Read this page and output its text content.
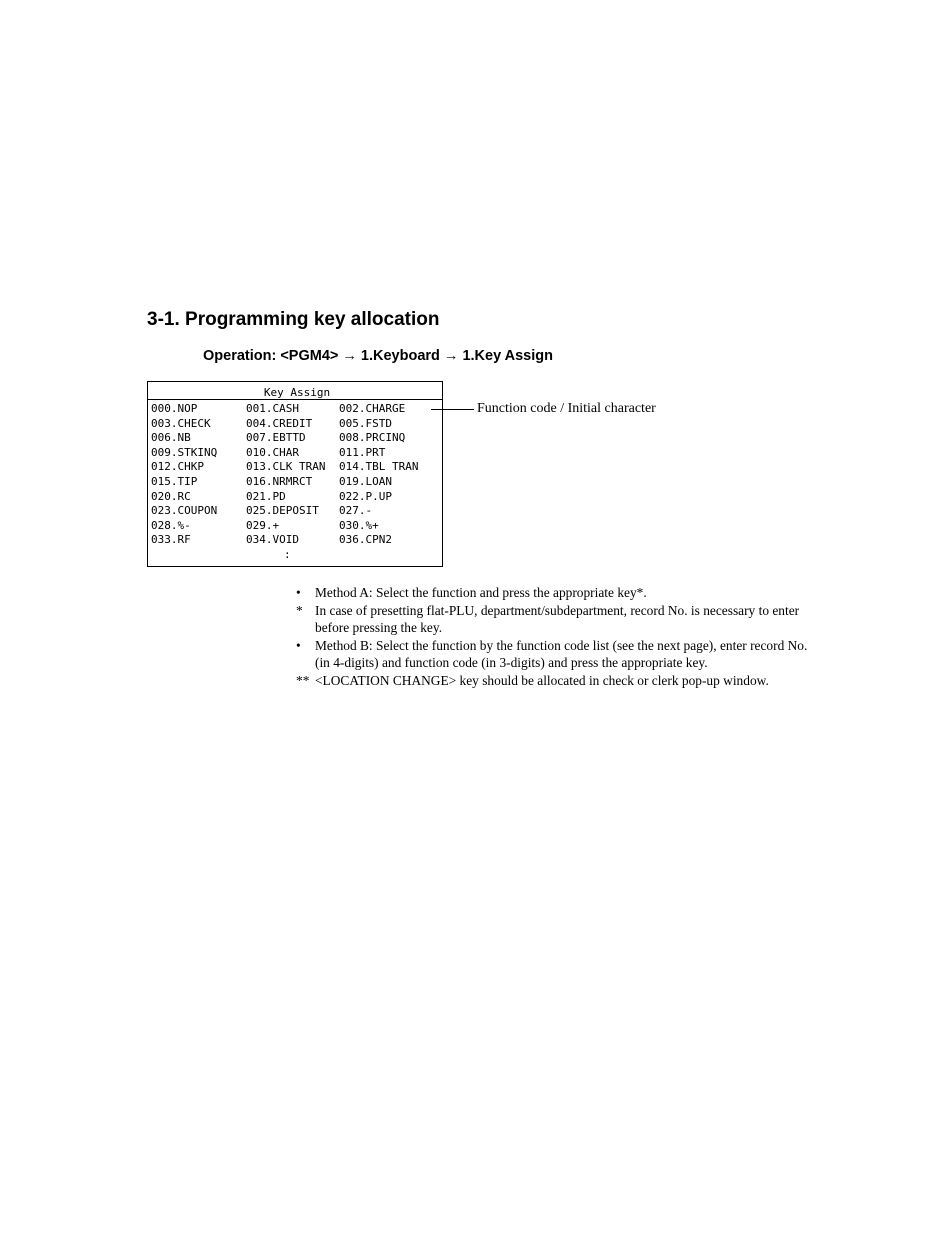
3-1. Programming key allocation
Operation: <PGM4> → 1.Keyboard → 1.Key Assign
Key Assign
000.NOP	001.CASH	002.CHARGE
003.CHECK	004.CREDIT	005.FSTD
006.NB	007.EBTTD	008.PRCINQ
009.STKINQ	010.CHAR	011.PRT
012.CHKP	013.CLK TRAN	014.TBL TRAN
015.TIP	016.NRMRCT	019.LOAN
020.RC	021.PD	022.P.UP
023.COUPON	025.DEPOSIT	027.-
028.%-	029.+	030.%+
033.RF	034.VOID	036.CPN2
:
Function code / Initial character
•	Method A: Select the function and press the appropriate key*.
* In case of presetting flat-PLU, department/subdepartment, record No. is necessary to enter before pressing the key.
•	Method B: Select the function by the function code list (see the next page), enter record No. (in 4-digits) and function code (in 3-digits) and press the appropriate key.
** <LOCATION CHANGE> key should be allocated in check or clerk pop-up window.
